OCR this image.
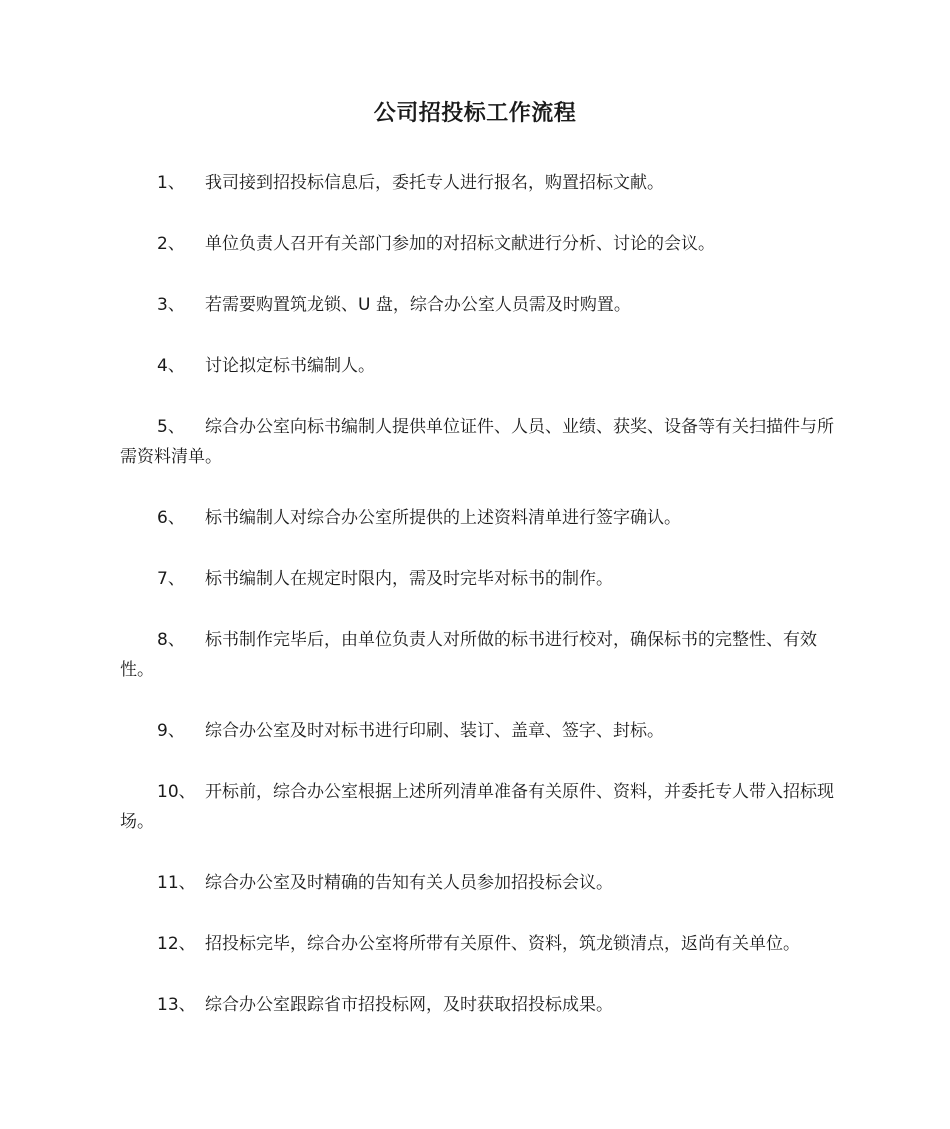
公司招投标工作流程
1、 我司接到招投标信息后，委托专人进行报名，购置招标文献。
2、 单位负责人召开有关部门参加的对招标文献进行分析、讨论的会议。
3、 若需要购置筑龙锁、U 盘，综合办公室人员需及时购置。
4、 讨论拟定标书编制人。
5、 综合办公室向标书编制人提供单位证件、人员、业绩、获奖、设备等有关扫描件与所需资料清单。
6、 标书编制人对综合办公室所提供的上述资料清单进行签字确认。
7、 标书编制人在规定时限内，需及时完毕对标书的制作。
8、 标书制作完毕后，由单位负责人对所做的标书进行校对，确保标书的完整性、有效性。
9、 综合办公室及时对标书进行印刷、装订、盖章、签字、封标。
10、 开标前，综合办公室根据上述所列清单准备有关原件、资料，并委托专人带入招标现场。
11、 综合办公室及时精确的告知有关人员参加招投标会议。
12、 招投标完毕，综合办公室将所带有关原件、资料，筑龙锁清点，返尚有关单位。
13、 综合办公室跟踪省市招投标网，及时获取招投标成果。
